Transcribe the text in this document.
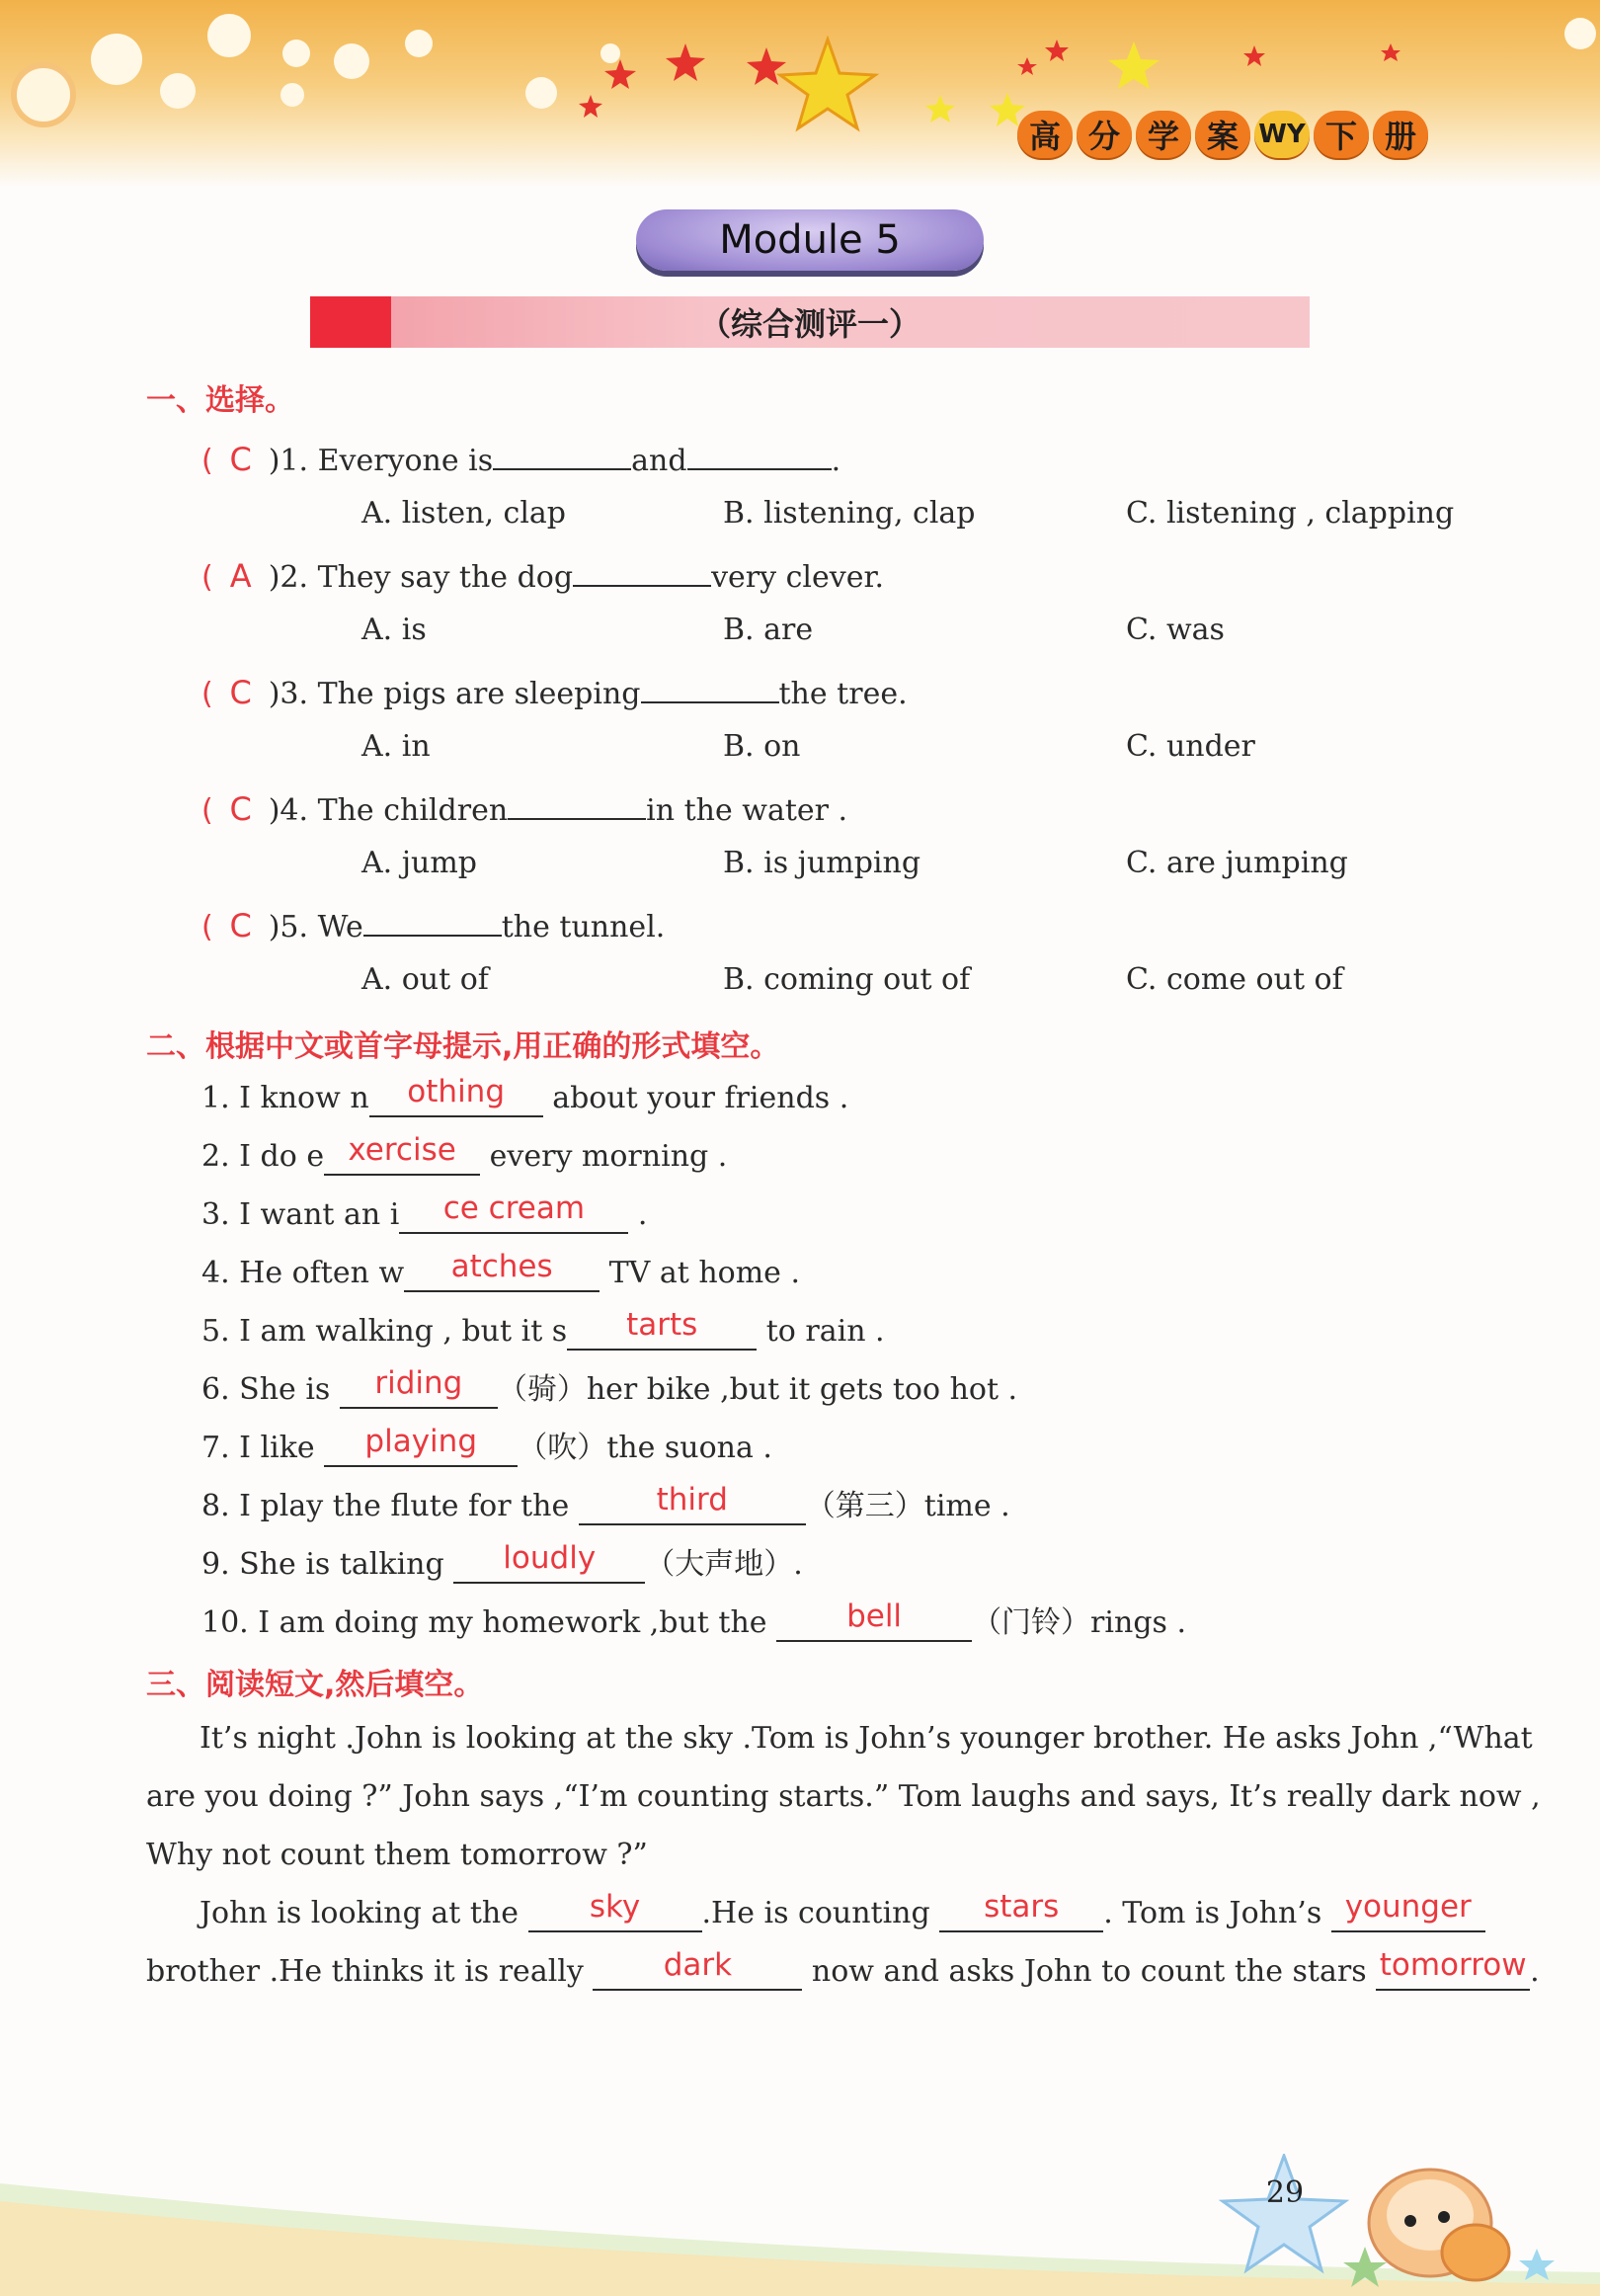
高 分 学 案 WY 下 册
Module 5
（综合测评一）
一、选择。
( C )1. Everyone is	and	.
A. listen, clap	B. listening, clap	C. listening , clapping
( A )2. They say the dog	very clever.
A. is	B. are	C. was
( C )3. The pigs are sleeping	the tree.
A. in	B. on	C. under
( C )4. The children	in the water .
A. jump	B. is jumping	C. are jumping
( C )5. We	the tunnel.
A. out of	B. coming out of	C. come out of
二、根据中文或首字母提示,用正确的形式填空。
1. I know n othing about your friends .
2. I do e xercise every morning .
3. I want an i ce cream .
4. He often w atches TV at home .
5. I am walking , but it s tarts to rain .
6. She is riding （骑）her bike ,but it gets too hot .
7. I like playing （吹）the suona .
8. I play the flute for the	third	（第三）time .
9. She is talking loudly （大声地）.
10. I am doing my homework ,but the bell （门铃）rings .
三、阅读短文,然后填空。
It’s night .John is looking at the sky .Tom is John’s younger brother. He asks John ,“What
are you doing ?” John says ,“I’m counting starts.” Tom laughs and says, It’s really dark now ,
Why not count them tomorrow ?”
John is looking at the sky .He is counting stars . Tom is John’s younger
brother .He thinks it is really dark now and asks John to count the stars tomorrow .
29
